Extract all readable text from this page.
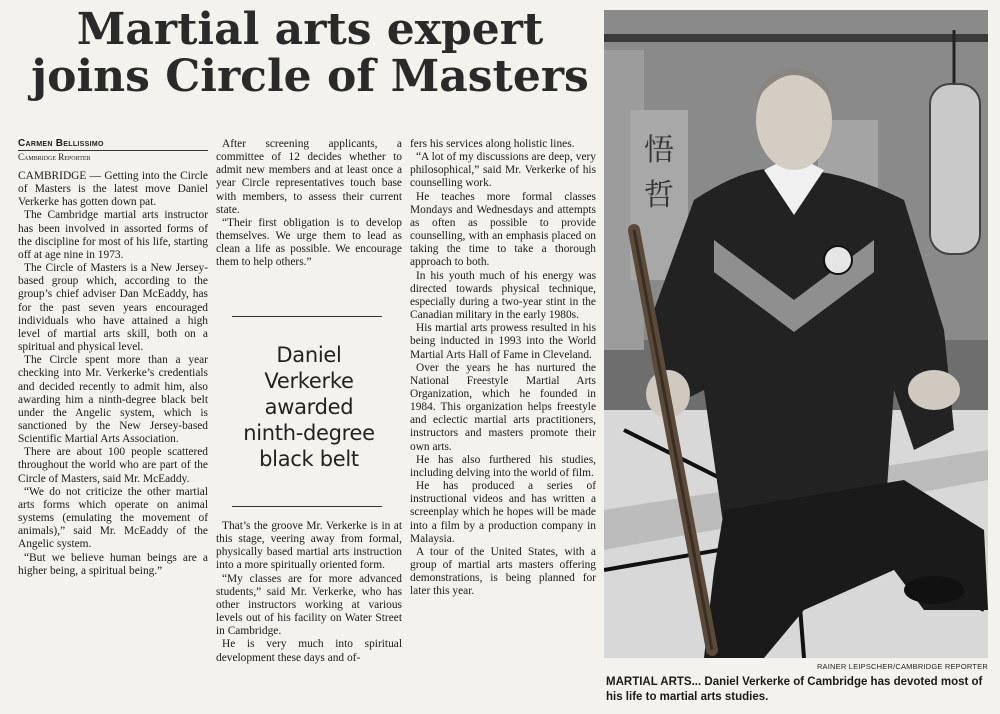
Martial arts expert
joins Circle of Masters
Carmen Bellissimo
Cambridge Reporter

CAMBRIDGE — Getting into the Circle of Masters is the latest move Daniel Verkerke has gotten down pat.

The Cambridge martial arts instructor has been involved in assorted forms of the discipline for most of his life, starting off at age nine in 1973.

The Circle of Masters is a New Jersey-based group which, according to the group’s chief adviser Dan McEaddy, has for the past seven years encouraged individuals who have attained a high level of martial arts skill, both on a spiritual and physical level.

The Circle spent more than a year checking into Mr. Verkerke’s credentials and decided recently to admit him, also awarding him a ninth-degree black belt under the Angelic system, which is sanctioned by the New Jersey-based Scientific Martial Arts Association.

There are about 100 people scattered throughout the world who are part of the Circle of Masters, said Mr. McEaddy.

“We do not criticize the other martial arts forms which operate on animal systems (emulating the movement of animals),” said Mr. McEaddy of the Angelic system.

“But we believe human beings are a higher being, a spiritual being.”

After screening applicants, a committee of 12 decides whether to admit new members and at least once a year Circle representatives touch base with members, to assess their current state.

“Their first obligation is to develop themselves. We urge them to lead as clean a life as possible. We encourage them to help others.”

Daniel
Verkerke
awarded
ninth-degree
black belt

That’s the groove Mr. Verkerke is in at this stage, veering away from formal, physically based martial arts instruction into a more spiritually oriented form.

“My classes are for more advanced students,” said Mr. Verkerke, who has other instructors working at various levels out of his facility on Water Street in Cambridge.

He is very much into spiritual development these days and of-

fers his services along holistic lines.

“A lot of my discussions are deep, very philosophical,” said Mr. Verkerke of his counselling work.

He teaches more formal classes Mondays and Wednesdays and attempts as often as possible to provide counselling, with an emphasis placed on taking the time to take a thorough approach to both.

In his youth much of his energy was directed towards physical technique, especially during a two-year stint in the Canadian military in the early 1980s.

His martial arts prowess resulted in his being inducted in 1993 into the World Martial Arts Hall of Fame in Cleveland.

Over the years he has nurtured the National Freestyle Martial Arts Organization, which he founded in 1984. This organization helps freestyle and eclectic martial arts practitioners, instructors and masters promote their own arts.

He has also furthered his studies, including delving into the world of film.

He has produced a series of instructional videos and has written a screenplay which he hopes will be made into a film by a production company in Malaysia.

A tour of the United States, with a group of martial arts masters offering demonstrations, is being planned for later this year.

悟
哲
RAINER LEIPSCHER/CAMBRIDGE REPORTER
MARTIAL ARTS... Daniel Verkerke of Cambridge has devoted most of his life to martial arts studies.
